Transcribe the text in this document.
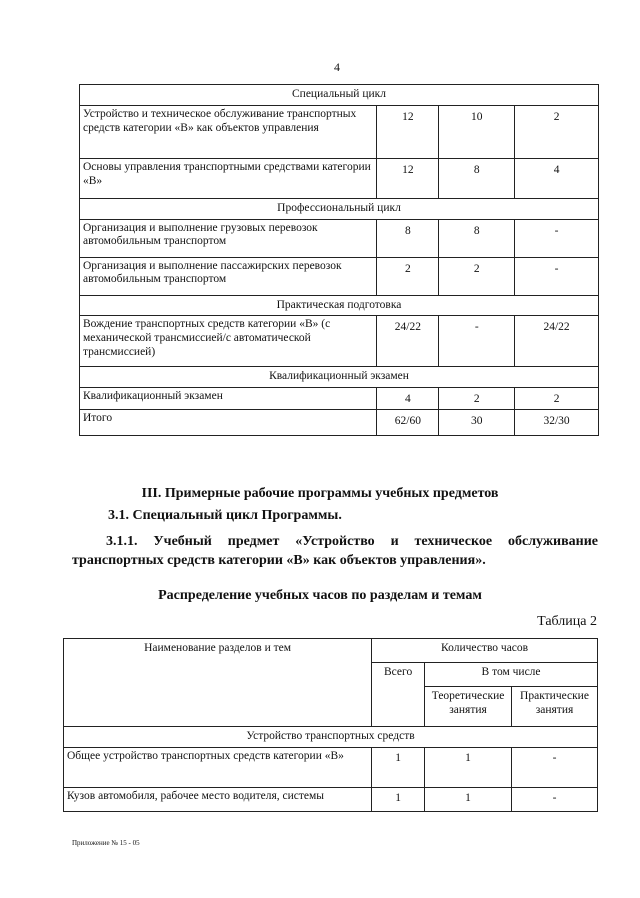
4
Специальный цикл			
Устройство и техническое обслуживание транспортных средств категории «В» как объектов управления	12	10	2
Основы управления транспортными средствами категории «В»	12	8	4
Профессиональный цикл			
Организация и выполнение грузовых перевозок автомобильным транспортом	8	8	-
Организация и выполнение пассажирских перевозок автомобильным транспортом	2	2	-
Практическая подготовка			
Вождение транспортных средств категории «В» (с механической трансмиссией/с автоматической трансмиссией)	24/22	-	24/22
Квалификационный экзамен			
Квалификационный экзамен	4	2	2
Итого	62/60	30	32/30
III. Примерные рабочие программы учебных предметов
3.1. Специальный цикл Программы.
3.1.1. Учебный предмет «Устройство и техническое обслуживание транспортных средств категории «В» как объектов управления».
Распределение учебных часов по разделам и темам
Таблица 2
Наименование разделов и тем	Количество часов		
	Всего	В том числе	
		Теоретические занятия	Практические занятия
Устройство транспортных средств			
Общее устройство транспортных средств категории «В»	1	1	-
Кузов автомобиля, рабочее место водителя, системы	1	1	-
Приложение № 15 - 05
